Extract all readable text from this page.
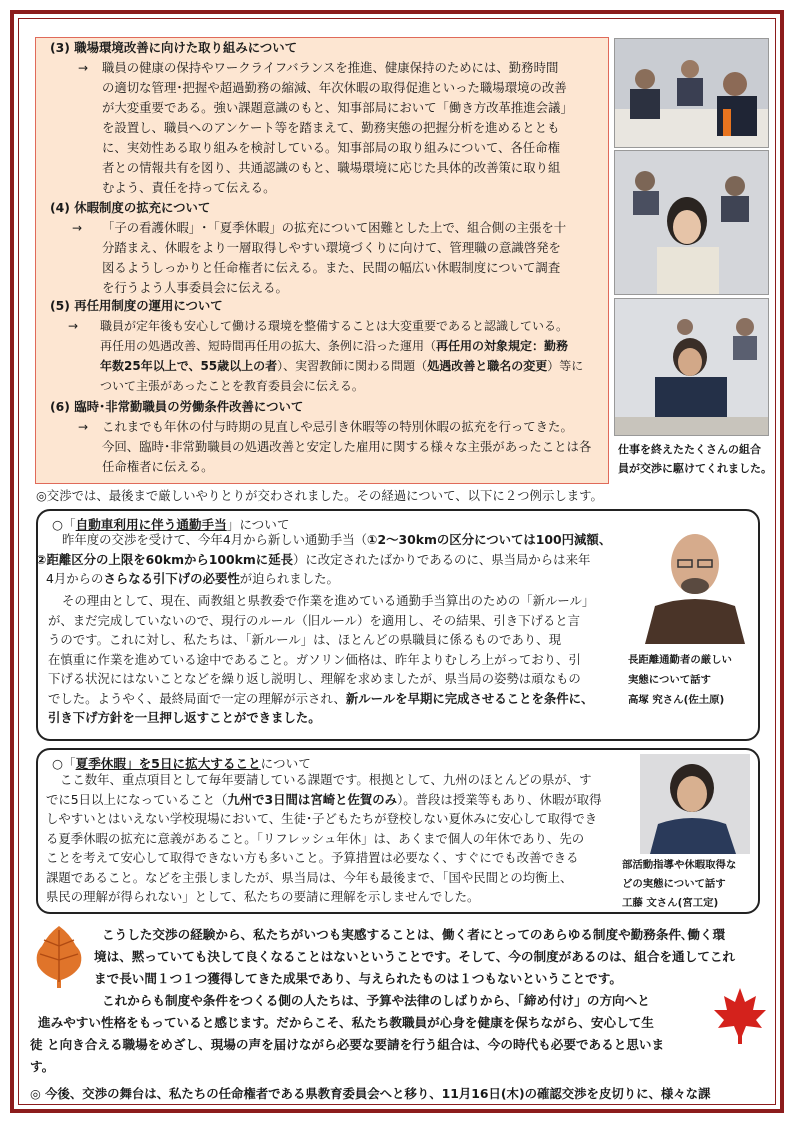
(3) 職場環境改善に向けた取り組みについて

→ 職員の健康の保持やワークライフバランスを推進、健康保持のためには、勤務時間
の適切な管理･把握や超過勤務の縮減、年次休暇の取得促進といった職場環境の改善
が大変重要である。強い課題意識のもと、知事部局において「働き方改革推進会議」
を設置し、職員へのアンケート等を踏まえて、勤務実態の把握分析を進めるととも
に、実効性ある取り組みを検討している。知事部局の取り組みについて、各任命権
者との情報共有を図り、共通認識のもと、職場環境に応じた具体的改善策に取り組
むよう、責任を持って伝える。

(4) 休暇制度の拡充について

→ 「子の看護休暇」･「夏季休暇」の拡充について困難とした上で、組合側の主張を十
分踏まえ、休暇をより一層取得しやすい環境づくりに向けて、管理職の意識啓発を
図るようしっかりと任命権者に伝える。また、民間の幅広い休暇制度について調査
を行うよう人事委員会に伝える。

(5) 再任用制度の運用について

→ 職員が定年後も安心して働ける環境を整備することは大変重要であると認識している。
再任用の処遇改善、短時間再任用の拡大、条例に沿った運用（再任用の対象規定：勤務
年数25年以上で、55歳以上の者）、実習教師に関わる問題（処遇改善と職名の変更）等に
ついて主張があったことを教育委員会に伝える。

(6) 臨時･非常勤職員の労働条件改善について

→ これまでも年休の付与時期の見直しや忌引き休暇等の特別休暇の拡充を行ってきた。
今回、臨時･非常勤職員の処遇改善と安定した雇用に関する様々な主張があったことは各
任命権者に伝える。
仕事を終えたたくさんの組合
員が交渉に駆けてくれました。
◎交渉では、最後まで厳しいやりとりが交わされました。その経過について、以下に２つ例示します。
○「自動車利用に伴う通勤手当」について
昨年度の交渉を受けて、今年4月から新しい通勤手当（①2～30kmの区分については100円減額、
②距離区分の上限を60kmから100kmに延長）に改定されたばかりであるのに、県当局からは来年
4月からのさらなる引下げの必要性が迫られました。
その理由として、現在、両教組と県教委で作業を進めている通勤手当算出のための「新ルール」
が、まだ完成していないので、現行のルール（旧ルール）を適用し、その結果、引き下げると言
うのです。これに対し、私たちは、「新ルール」は、ほとんどの県職員に係るものであり、現
在慎重に作業を進めている途中であること。ガソリン価格は、昨年よりむしろ上がっており、引
下げる状況にはないことなどを繰り返し説明し、理解を求めましたが、県当局の姿勢は頑なもの
でした。ようやく、最終局面で一定の理解が示され、新ルールを早期に完成させることを条件に、
引き下げ方針を一旦押し返すことができました。
長距離通勤者の厳しい
実態について話す
高塚 究さん(佐土原)
○「夏季休暇」を5日に拡大することについて
ここ数年、重点項目として毎年要請している課題です。根拠として、九州のほとんどの県が、す
でに5日以上になっていること（九州で3日間は宮崎と佐賀のみ）。普段は授業等もあり、休暇が取得
しやすいとはいえない学校現場において、生徒･子どもたちが登校しない夏休みに安心して取得でき
る夏季休暇の拡充に意義があること。「リフレッシュ年休」は、あくまで個人の年休であり、先の
ことを考えて安心して取得できない方も多いこと。予算措置は必要なく、すぐにでも改善できる
課題であること。などを主張しましたが、県当局は、今年も最後まで、「国や民間との均衡上、
県民の理解が得られない」として、私たちの要請に理解を示しませんでした。
部活動指導や休暇取得な
どの実態について話す
工藤 文さん(宮工定)
こうした交渉の経験から、私たちがいつも実感することは、働く者にとってのあらゆる制度や勤務条件､働く環
境は、黙っていても決して良くなることはないということです。そして、今の制度があるのは、組合を通してこれ
まで長い間１つ１つ獲得してきた成果であり、与えられたものは１つもないということです。
これからも制度や条件をつくる側の人たちは、予算や法律のしばりから、「締め付け」の方向へと
進みやすい性格をもっていると感じます。だからこそ、私たち教職員が心身を健康を保ちながら、安心して生
徒 と向き合える職場をめざし、現場の声を届けながら必要な要請を行う組合は、今の時代も必要であると思いま
す。
◎ 今後、交渉の舞台は、私たちの任命権者である県教育委員会へと移り、11月16日(木)の確認交渉を皮切りに、様々な課
